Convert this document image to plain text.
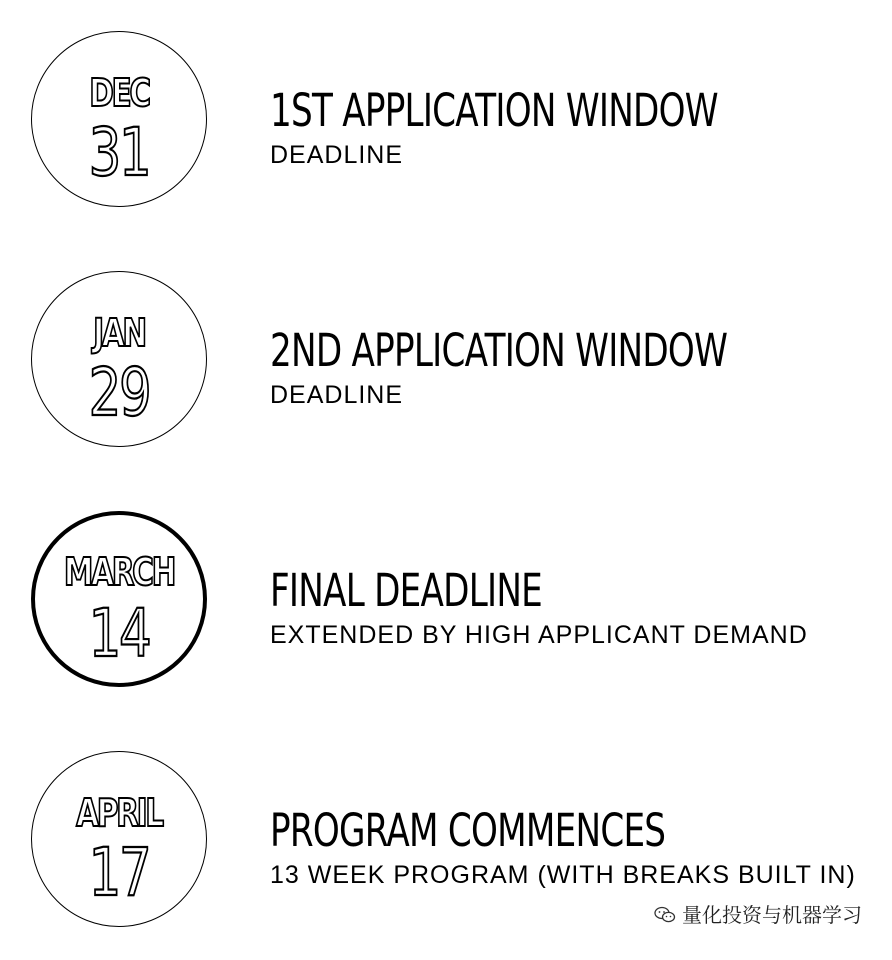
DEC
31
1ST APPLICATION WINDOW
DEADLINE
JAN
29
2ND APPLICATION WINDOW
DEADLINE
MARCH
14
FINAL DEADLINE
EXTENDED BY HIGH APPLICANT DEMAND
APRIL
17
PROGRAM COMMENCES
13 WEEK PROGRAM (WITH BREAKS BUILT IN)
量化投资与机器学习
